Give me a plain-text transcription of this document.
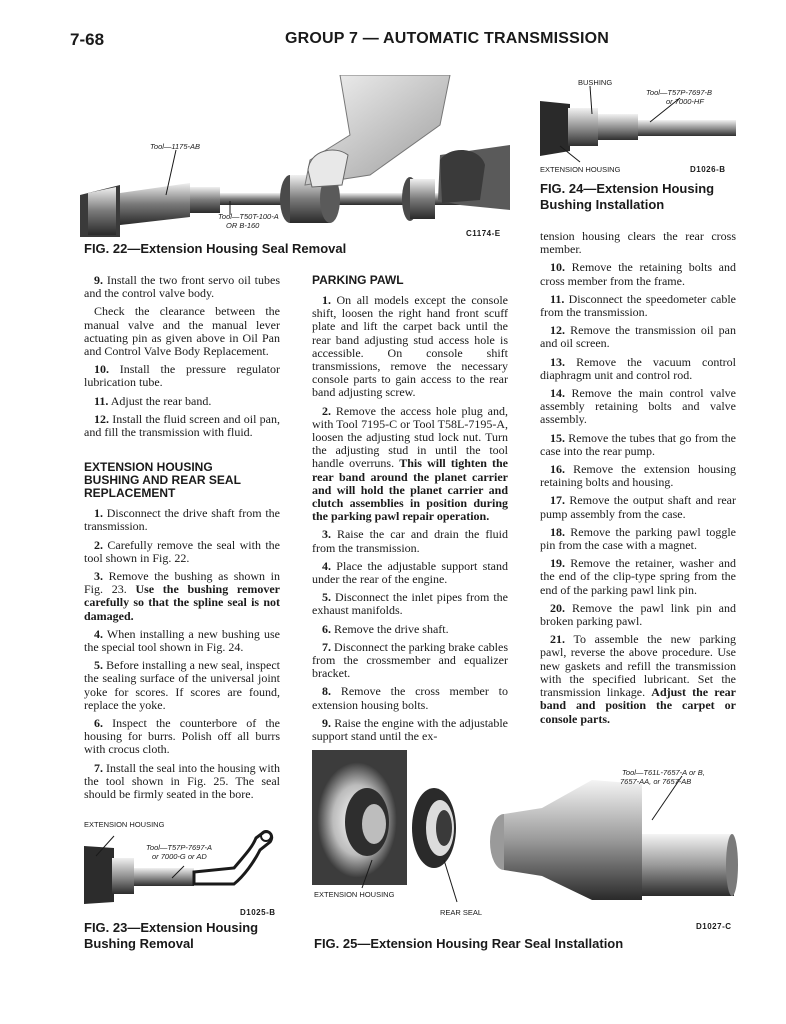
7-68	GROUP 7 — AUTOMATIC TRANSMISSION
Tool—1175-AB
Tool—T50T-100-A
OR B-160
C1174-E
FIG. 22—Extension Housing Seal Removal
BUSHING
Tool—T57P-7697-B
or 7000-HF
EXTENSION HOUSING	D1026-B
FIG. 24—Extension Housing
Bushing Installation

9. Install the two front servo oil tubes and the control valve body.

Check the clearance between the manual valve and the manual lever actuating pin as given above in Oil Pan and Control Valve Body Replacement.

10. Install the pressure regulator lubrication tube.

11. Adjust the rear band.

12. Install the fluid screen and oil pan, and fill the transmission with fluid.

EXTENSION HOUSING
BUSHING AND REAR SEAL
REPLACEMENT

1. Disconnect the drive shaft from the transmission.

2. Carefully remove the seal with the tool shown in Fig. 22.

3. Remove the bushing as shown in Fig. 23. Use the bushing remover carefully so that the spline seal is not damaged.

4. When installing a new bushing use the special tool shown in Fig. 24.

5. Before installing a new seal, inspect the sealing surface of the universal joint yoke for scores. If scores are found, replace the yoke.

6. Inspect the counterbore of the housing for burrs. Polish off all burrs with crocus cloth.

7. Install the seal into the housing with the tool shown in Fig. 25. The seal should be firmly seated in the bore.

PARKING PAWL

1. On all models except the console shift, loosen the right hand front scuff plate and lift the carpet back until the rear band adjusting stud access hole is accessible. On console shift transmissions, remove the necessary console parts to gain access to the rear band adjusting screw.

2. Remove the access hole plug and, with Tool 7195-C or Tool T58L-7195-A, loosen the adjusting stud lock nut. Turn the adjusting stud in until the tool handle overruns. This will tighten the rear band around the planet carrier and will hold the planet carrier and clutch assemblies in position during the parking pawl repair operation.

3. Raise the car and drain the fluid from the transmission.

4. Place the adjustable support stand under the rear of the engine.

5. Disconnect the inlet pipes from the exhaust manifolds.

6. Remove the drive shaft.

7. Disconnect the parking brake cables from the crossmember and equalizer bracket.

8. Remove the cross member to extension housing bolts.

9. Raise the engine with the adjustable support stand until the ex-

tension housing clears the rear cross member.

10. Remove the retaining bolts and cross member from the frame.

11. Disconnect the speedometer cable from the transmission.

12. Remove the transmission oil pan and oil screen.

13. Remove the vacuum control diaphragm unit and control rod.

14. Remove the main control valve assembly retaining bolts and valve assembly.

15. Remove the tubes that go from the case into the rear pump.

16. Remove the extension housing retaining bolts and housing.

17. Remove the output shaft and rear pump assembly from the case.

18. Remove the parking pawl toggle pin from the case with a magnet.

19. Remove the retainer, washer and the end of the clip-type spring from the end of the parking pawl link pin.

20. Remove the pawl link pin and broken parking pawl.

21. To assemble the new parking pawl, reverse the above procedure. Use new gaskets and refill the transmission with the specified lubricant. Set the transmission linkage. Adjust the rear band and position the carpet or console parts.

EXTENSION HOUSING
Tool—T57P-7697-A
or 7000-G or AD
D1025-B
FIG. 23—Extension Housing
Bushing Removal
Tool—T61L-7657-A or B,
7657-AA, or 7657-AB
EXTENSION HOUSING
REAR SEAL
D1027-C
FIG. 25—Extension Housing Rear Seal Installation
